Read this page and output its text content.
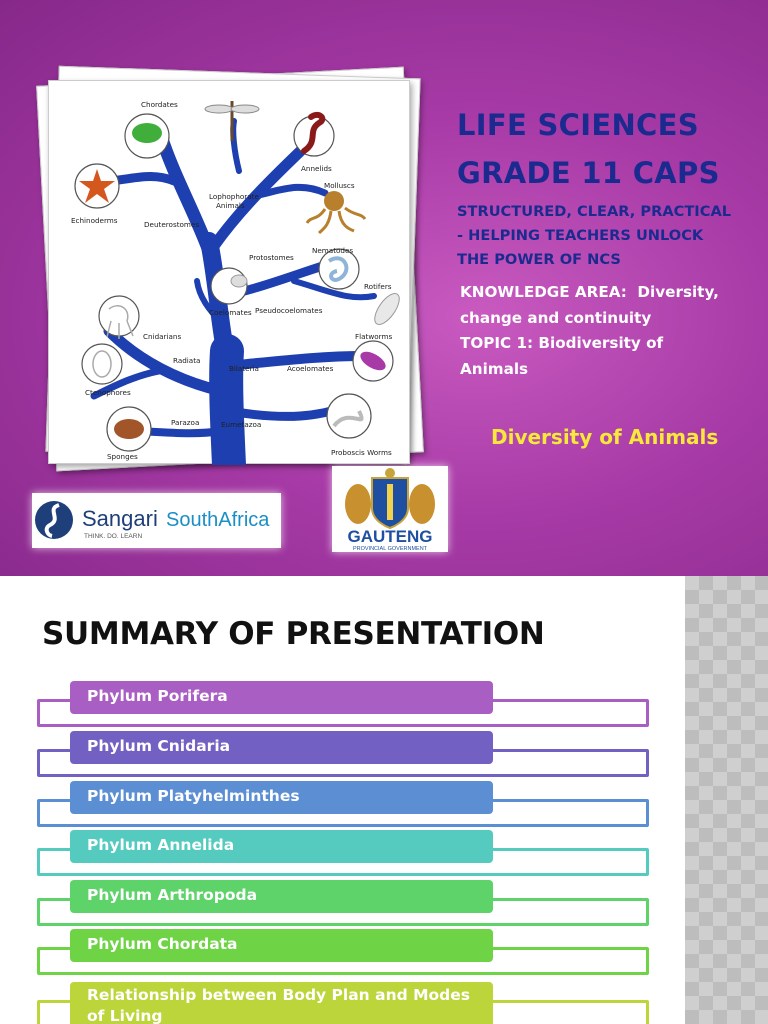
Chordates
Annelids
Echinoderms	Deuterostomes
Lophophorate
Animals
Molluscs
Protostomes
Nematodes
Rotifers
Coelomates Pseudocoelomates
Cnidarians
Radiata
Bilateria	Acoelomates
Flatworms
Ctenophores
Parazoa	Eumetazoa
Sponges	Proboscis Worms
LIFE SCIENCES
GRADE 11 CAPS
STRUCTURED, CLEAR, PRACTICAL
- HELPING TEACHERS UNLOCK
THE POWER OF NCS
KNOWLEDGE AREA:  Diversity,
change and continuity
TOPIC 1: Biodiversity of
Animals
Diversity of Animals
Sangari SouthAfrica
THINK. DO. LEARN	GAUTENG
PROVINCIAL GOVERNMENT
SUMMARY OF PRESENTATION
Phylum Porifera
Phylum Cnidaria
Phylum Platyhelminthes
Phylum Annelida
Phylum Arthropoda
Phylum Chordata
Relationship between Body Plan and Modes of Living
